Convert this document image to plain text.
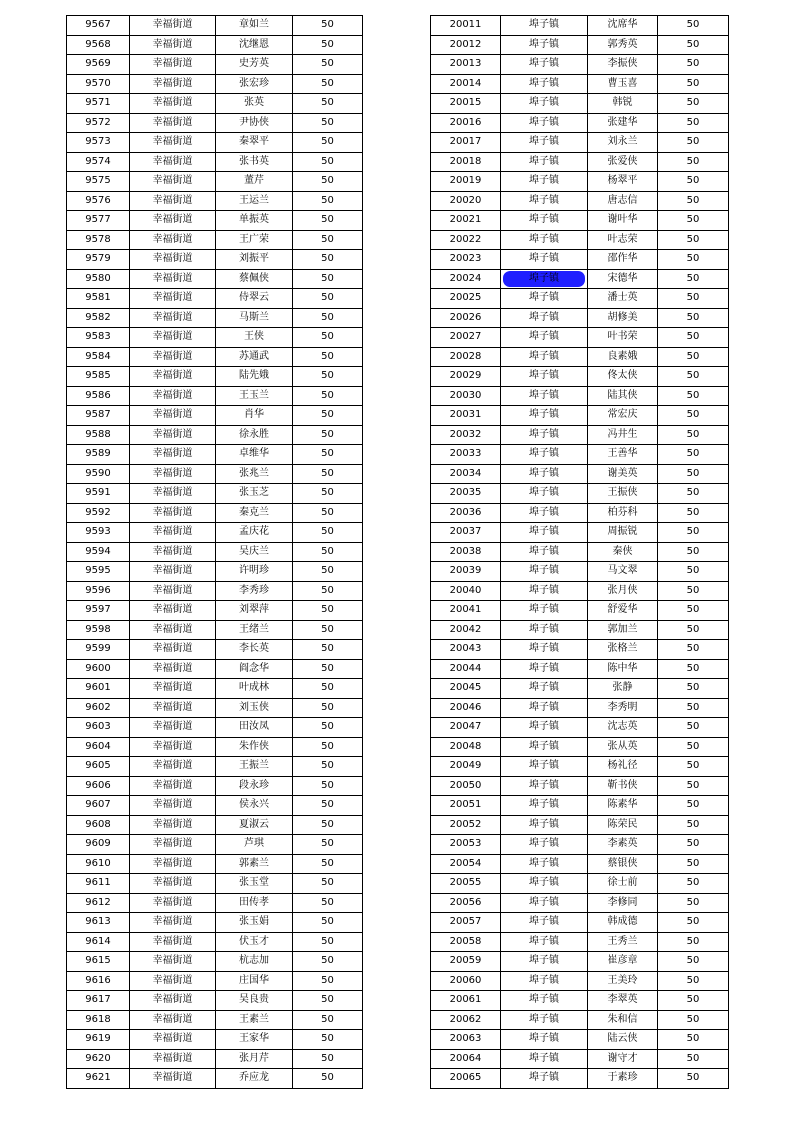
9567	幸福街道	章如兰	50
9568	幸福街道	沈继恩	50
9569	幸福街道	史芳英	50
9570	幸福街道	张宏珍	50
9571	幸福街道	张英	50
9572	幸福街道	尹协侠	50
9573	幸福街道	秦翠平	50
9574	幸福街道	张书英	50
9575	幸福街道	董芹	50
9576	幸福街道	王运兰	50
9577	幸福街道	单振英	50
9578	幸福街道	王广荣	50
9579	幸福街道	刘振平	50
9580	幸福街道	蔡佩侠	50
9581	幸福街道	侍翠云	50
9582	幸福街道	马斯兰	50
9583	幸福街道	王侠	50
9584	幸福街道	苏通武	50
9585	幸福街道	陆先娥	50
9586	幸福街道	王玉兰	50
9587	幸福街道	肖华	50
9588	幸福街道	徐永胜	50
9589	幸福街道	卓维华	50
9590	幸福街道	张兆兰	50
9591	幸福街道	张玉芝	50
9592	幸福街道	秦克兰	50
9593	幸福街道	孟庆花	50
9594	幸福街道	吴庆兰	50
9595	幸福街道	许明珍	50
9596	幸福街道	李秀珍	50
9597	幸福街道	刘翠萍	50
9598	幸福街道	王绪兰	50
9599	幸福街道	李长英	50
9600	幸福街道	阎念华	50
9601	幸福街道	叶成林	50
9602	幸福街道	刘玉侠	50
9603	幸福街道	田汝凤	50
9604	幸福街道	朱作侠	50
9605	幸福街道	王振兰	50
9606	幸福街道	段永珍	50
9607	幸福街道	侯永兴	50
9608	幸福街道	夏淑云	50
9609	幸福街道	芦琪	50
9610	幸福街道	郭素兰	50
9611	幸福街道	张玉堂	50
9612	幸福街道	田传孝	50
9613	幸福街道	张玉娟	50
9614	幸福街道	伏玉才	50
9615	幸福街道	杭志加	50
9616	幸福街道	庄国华	50
9617	幸福街道	吴良贵	50
9618	幸福街道	王素兰	50
9619	幸福街道	王家华	50
9620	幸福街道	张月芹	50
9621	幸福街道	乔应龙	50
20011	埠子镇	沈席华	50
20012	埠子镇	郭秀英	50
20013	埠子镇	李振侠	50
20014	埠子镇	曹玉喜	50
20015	埠子镇	韩锐	50
20016	埠子镇	张建华	50
20017	埠子镇	刘永兰	50
20018	埠子镇	张爱侠	50
20019	埠子镇	杨翠平	50
20020	埠子镇	唐志信	50
20021	埠子镇	谢叶华	50
20022	埠子镇	叶志荣	50
20023	埠子镇	邵作华	50
20024	埠子镇	宋德华	50
20025	埠子镇	潘士英	50
20026	埠子镇	胡修美	50
20027	埠子镇	叶书荣	50
20028	埠子镇	良素娥	50
20029	埠子镇	佟太侠	50
20030	埠子镇	陆其侠	50
20031	埠子镇	常宏庆	50
20032	埠子镇	冯井生	50
20033	埠子镇	王善华	50
20034	埠子镇	谢美英	50
20035	埠子镇	王振侠	50
20036	埠子镇	柏芬科	50
20037	埠子镇	周振锐	50
20038	埠子镇	秦侠	50
20039	埠子镇	马文翠	50
20040	埠子镇	张月侠	50
20041	埠子镇	舒爱华	50
20042	埠子镇	郭加兰	50
20043	埠子镇	张格兰	50
20044	埠子镇	陈中华	50
20045	埠子镇	张静	50
20046	埠子镇	李秀明	50
20047	埠子镇	沈志英	50
20048	埠子镇	张从英	50
20049	埠子镇	杨礼径	50
20050	埠子镇	靳书侠	50
20051	埠子镇	陈素华	50
20052	埠子镇	陈荣民	50
20053	埠子镇	李素英	50
20054	埠子镇	蔡银侠	50
20055	埠子镇	徐士前	50
20056	埠子镇	李修同	50
20057	埠子镇	韩成德	50
20058	埠子镇	王秀兰	50
20059	埠子镇	崔彦章	50
20060	埠子镇	王美玲	50
20061	埠子镇	李翠英	50
20062	埠子镇	朱和信	50
20063	埠子镇	陆云侠	50
20064	埠子镇	谢守才	50
20065	埠子镇	于素珍	50
